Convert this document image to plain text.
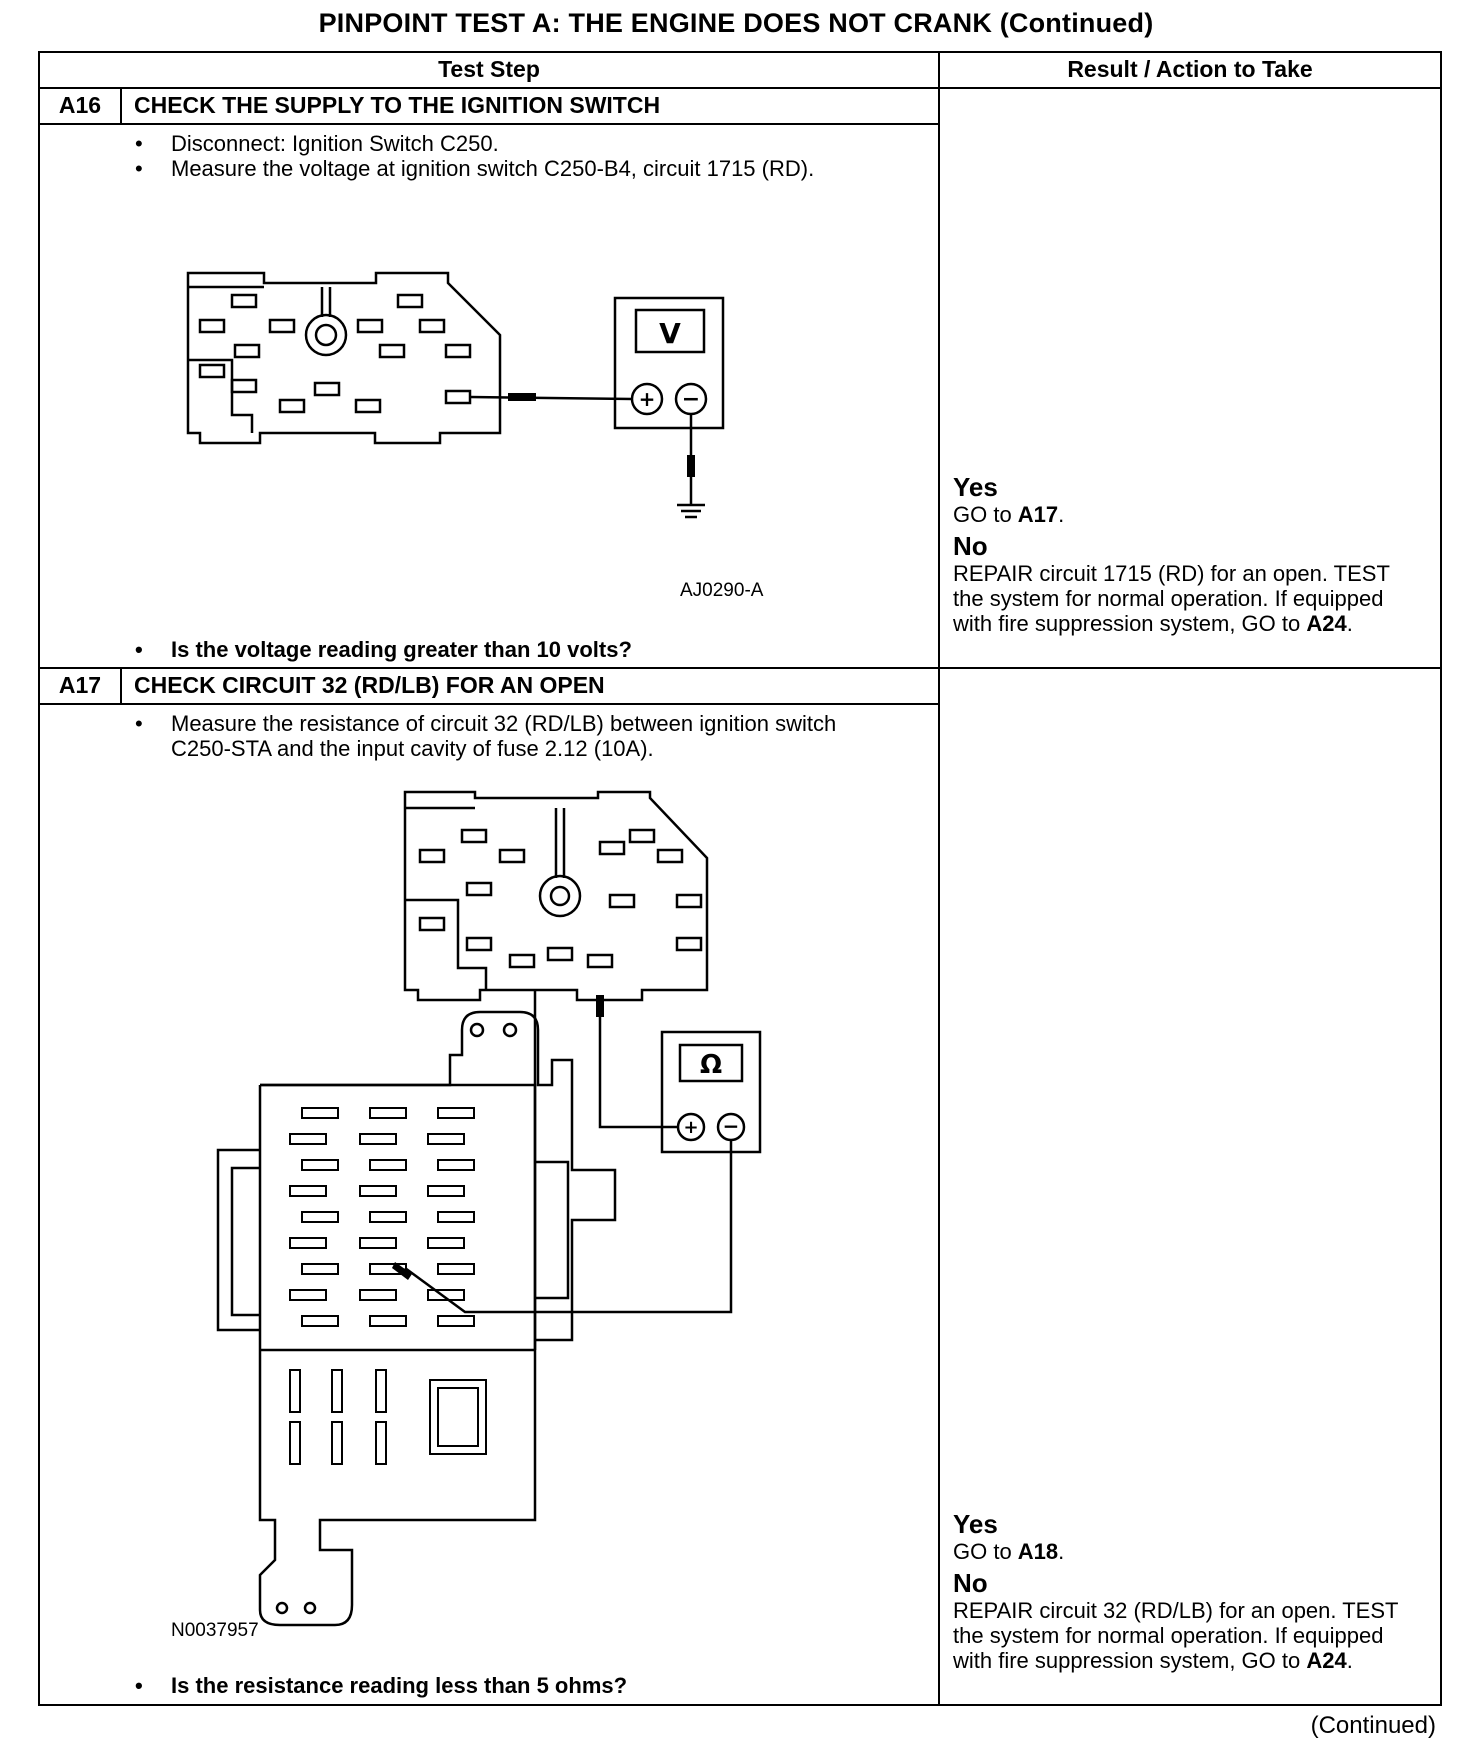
PINPOINT TEST A: THE ENGINE DOES NOT CRANK (Continued)
Test Step	Result / Action to Take
A16	CHECK THE SUPPLY TO THE IGNITION SWITCH
• Disconnect: Ignition Switch C250.
• Measure the voltage at ignition switch C250-B4, circuit 1715 (RD).
V
+ −
AJ0290-A
• Is the voltage reading greater than 10 volts?
Yes
GO to A17.
No
REPAIR circuit 1715 (RD) for an open. TEST the system for normal operation. If equipped with fire suppression system, GO to A24.
A17	CHECK CIRCUIT 32 (RD/LB) FOR AN OPEN
• Measure the resistance of circuit 32 (RD/LB) between ignition switch C250-STA and the input cavity of fuse 2.12 (10A).
Ω
+ −
N0037957
• Is the resistance reading less than 5 ohms?
Yes
GO to A18.
No
REPAIR circuit 32 (RD/LB) for an open. TEST the system for normal operation. If equipped with fire suppression system, GO to A24.
(Continued)
